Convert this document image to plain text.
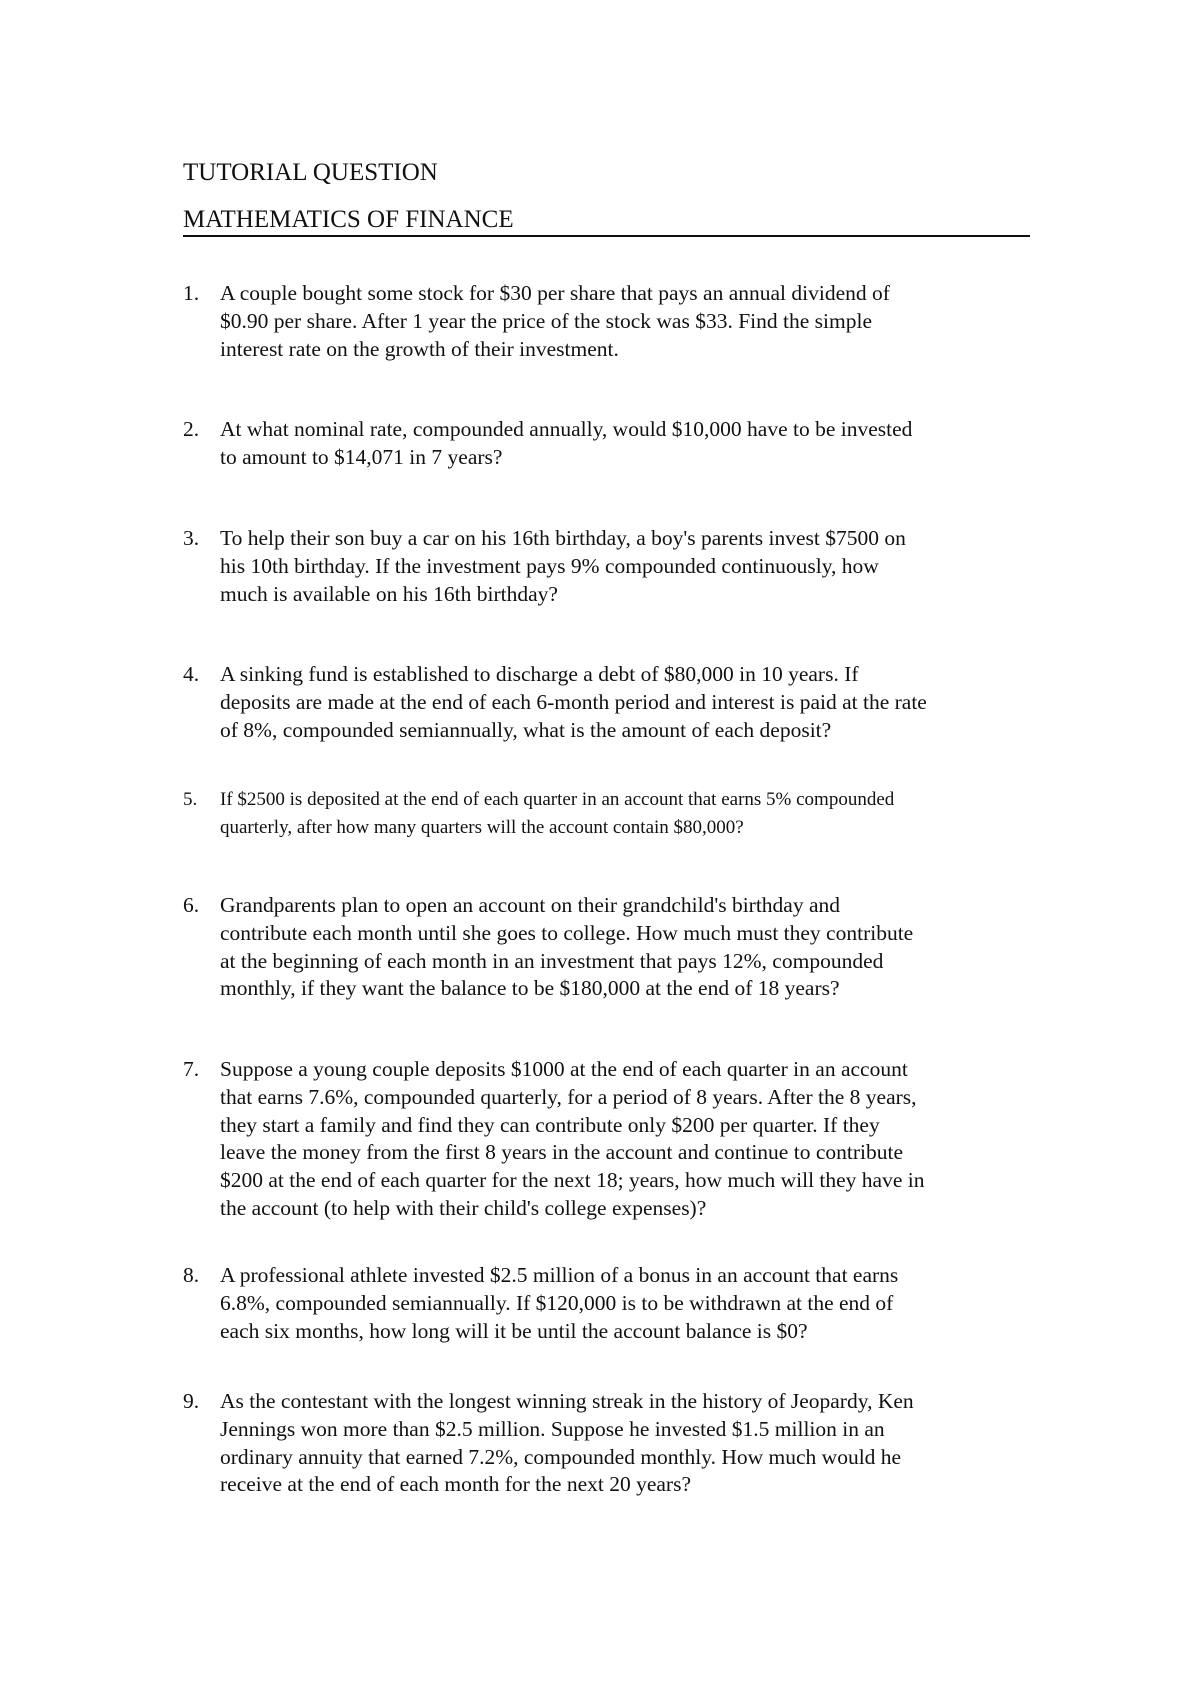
TUTORIAL QUESTION
MATHEMATICS OF FINANCE
1. A couple bought some stock for $30 per share that pays an annual dividend of
$0.90 per share. After 1 year the price of the stock was $33. Find the simple
interest rate on the growth of their investment.
2. At what nominal rate, compounded annually, would $10,000 have to be invested
to amount to $14,071 in 7 years?
3. To help their son buy a car on his 16th birthday, a boy's parents invest $7500 on
his 10th birthday. If the investment pays 9% compounded continuously, how
much is available on his 16th birthday?
4. A sinking fund is established to discharge a debt of $80,000 in 10 years. If
deposits are made at the end of each 6-month period and interest is paid at the rate
of 8%, compounded semiannually, what is the amount of each deposit?
5.	If $2500 is deposited at the end of each quarter in an account that earns 5% compounded
quarterly, after how many quarters will the account contain $80,000?
6. Grandparents plan to open an account on their grandchild's birthday and
contribute each month until she goes to college. How much must they contribute
at the beginning of each month in an investment that pays 12%, compounded
monthly, if they want the balance to be $180,000 at the end of 18 years?
7. Suppose a young couple deposits $1000 at the end of each quarter in an account
that earns 7.6%, compounded quarterly, for a period of 8 years. After the 8 years,
they start a family and find they can contribute only $200 per quarter. If they
leave the money from the first 8 years in the account and continue to contribute
$200 at the end of each quarter for the next 18; years, how much will they have in
the account (to help with their child's college expenses)?
8. A professional athlete invested $2.5 million of a bonus in an account that earns
6.8%, compounded semiannually. If $120,000 is to be withdrawn at the end of
each six months, how long will it be until the account balance is $0?
9. As the contestant with the longest winning streak in the history of Jeopardy, Ken
Jennings won more than $2.5 million. Suppose he invested $1.5 million in an
ordinary annuity that earned 7.2%, compounded monthly. How much would he
receive at the end of each month for the next 20 years?
